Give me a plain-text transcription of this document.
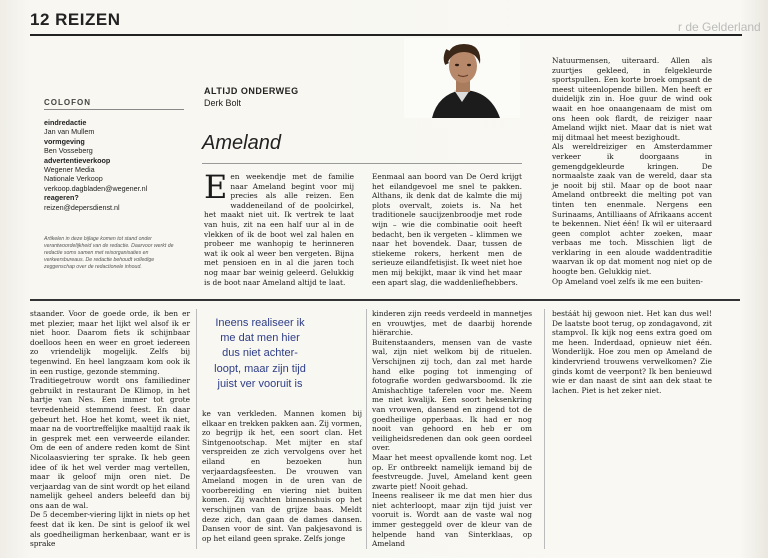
12 REIZEN	r de Gelderland
COLOFON
eindredactie
Jan van Mullem
vormgeving
Ben Vosseberg
advertentieverkoop
Wegener Media
Nationale Verkoop
verkoop.dagbladen@wegener.nl
reageren?
reizen@depersdienst.nl
Artikelen in deze bijlage komen tot stand onder verantwoordelijkheid van de redactie. Daarvoor werkt de redactie soms samen met reisorganisaties en verkeersbureaus. De redactie behoudt volledige zeggenschap over de redactionele inhoud.
ALTIJD ONDERWEG
Derk Bolt
Ameland
Een weekendje met de familie naar Ameland begint voor mij precies als alle reizen. Een waddeneiland of de poolcirkel, het maakt niet uit. Ik vertrek te laat van huis, zit na een half uur al in de vlekken of ik de boot wel zal halen en probeer me wanhopig te herinneren wat ik ook al weer ben vergeten. Bijna met pensioen en in al die jaren toch nog maar bar weinig geleerd. Gelukkig is de boot naar Ameland altijd te laat.
Eenmaal aan boord van De Oerd krijgt het eilandgevoel me snel te pakken. Althans, ik denk dat de kalmte die mij plots overvalt, zoiets is. Na het traditionele saucijzenbroodje met rode wijn – wie die combinatie ooit heeft bedacht, ben ik vergeten – klimmen we naar het bovendek. Daar, tussen de stiekeme rokers, herkent men de serieuze eilandfetisjist. Ik weet niet hoe men mij bekijkt, maar ik vind het maar een apart slag, die waddenliefhebbers.
Natuurmensen, uiteraard. Allen als zuurtjes gekleed, in felgekleurde sportspullen. Een korte broek ompsant de meest uiteenlopende billen. Men heeft er duidelijk zin in. Hoe guur de wind ook waait en hoe onaangenaam de mist om ons heen ook flardt, de reiziger naar Ameland wijkt niet. Maar dat is niet wat mij ditmaal het meest bezighoudt.
Als wereldreiziger en Amsterdammer verkeer ik doorgaans in gemengdgekleurde kringen. De normaalste zaak van de wereld, daar sta je nooit bij stil. Maar op de boot naar Ameland ontbreekt die melting pot van tinten ten enenmale. Nergens een Surinaams, Antilliaans of Afrikaans accent te bekennen. Niet één! Ik wil er uiteraard geen complot achter zoeken, maar verbaas me toch. Misschien ligt de verklaring in een aloude waddentraditie waarvan ik op dat moment nog niet op de hoogte ben. Gelukkig niet.
Op Ameland voel zelfs ik me een buiten-
staander. Voor de goede orde, ik ben er met plezier, maar het lijkt wel alsof ik er niet hoor. Daarom fiets ik schijnbaar doelloos heen en weer en groet iedereen zo vriendelijk mogelijk. Zelfs bij tegenwind. En heel langzaam kom ook ik in een rustige, gezonde stemming.
Traditiegetrouw wordt ons familiediner gebruikt in restaurant De Klimop, in het hartje van Nes. Een immer tot grote tevredenheid stemmend feest. En daar gebeurt het. Hoe het komt, weet ik niet, maar na de voortreffelijke maaltijd raak ik in gesprek met een verweerde eilander. Om de een of andere reden komt de Sint Nicolaasviering ter sprake. Ik heb geen idee of ik het wel verder mag vertellen, maar ik geloof mijn oren niet. De verjaardag van de sint wordt op het eiland namelijk geheel anders beleefd dan bij ons aan de wal.
De 5 december-viering lijkt in niets op het feest dat ik ken. De sint is geloof ik wel als goedheiligman herkenbaar, want er is sprake
Ineens realiseer ik
me dat men hier
dus niet achter-
loopt, maar zijn tijd
juist ver vooruit is
ke van verkleden. Mannen komen bij elkaar en trekken pakken aan. Zij vormen, zo begrijp ik het, een soort clan. Het Sintgenootschap. Met mijter en staf verspreiden ze zich vervolgens over het eiland en bezoeken hun verjaardagsfeesten. De vrouwen van Ameland mogen in de uren van de voorbereiding en viering niet buiten komen. Zij wachten binnenshuis op het verschijnen van de grijze baas. Meldt deze zich, dan gaan de dames dansen. Dansen voor de sint. Van pakjesavond is op het eiland geen sprake. Zelfs jonge
kinderen zijn reeds verdeeld in mannetjes en vrouwtjes, met de daarbij horende hiërarchie.
Buitenstaanders, mensen van de vaste wal, zijn niet welkom bij de rituelen. Verschijnen zij toch, dan zal met harde hand elke poging tot inmenging of fotografie worden gedwarsboomd. Ik zie Amishachtige taferelen voor me. Neem me niet kwalijk. Een soort heksenkring van vrouwen, dansend en zingend tot de goedheilige opperbaas. Ik had er nog nooit van gehoord en heb er om veiligheidsredenen dan ook geen oordeel over.
Maar het meest opvallende komt nog. Let op. Er ontbreekt namelijk iemand bij de feestvreugde. Juvel, Ameland kent geen zwarte piet! Nooit gehad.
Ineens realiseer ik me dat men hier dus niet achterloopt, maar zijn tijd juist ver vooruit is. Wordt aan de vaste wal nog immer gesteggeld over de kleur van de helpende hand van Sinterklaas, op Ameland
bestáát hij gewoon niet. Het kan dus wel! De laatste boot terug, op zondagavond, zit stampvol. Ik kijk nog eens extra goed om me heen. Inderdaad, opnieuw niet één. Wonderlijk. Hoe zou men op Ameland de kindervriend trouwens verwelkomen? Zie ginds komt de veerpont? Ik ben benieuwd wie er dan naast de sint aan dek staat te lachen. Piet is het zeker niet.
